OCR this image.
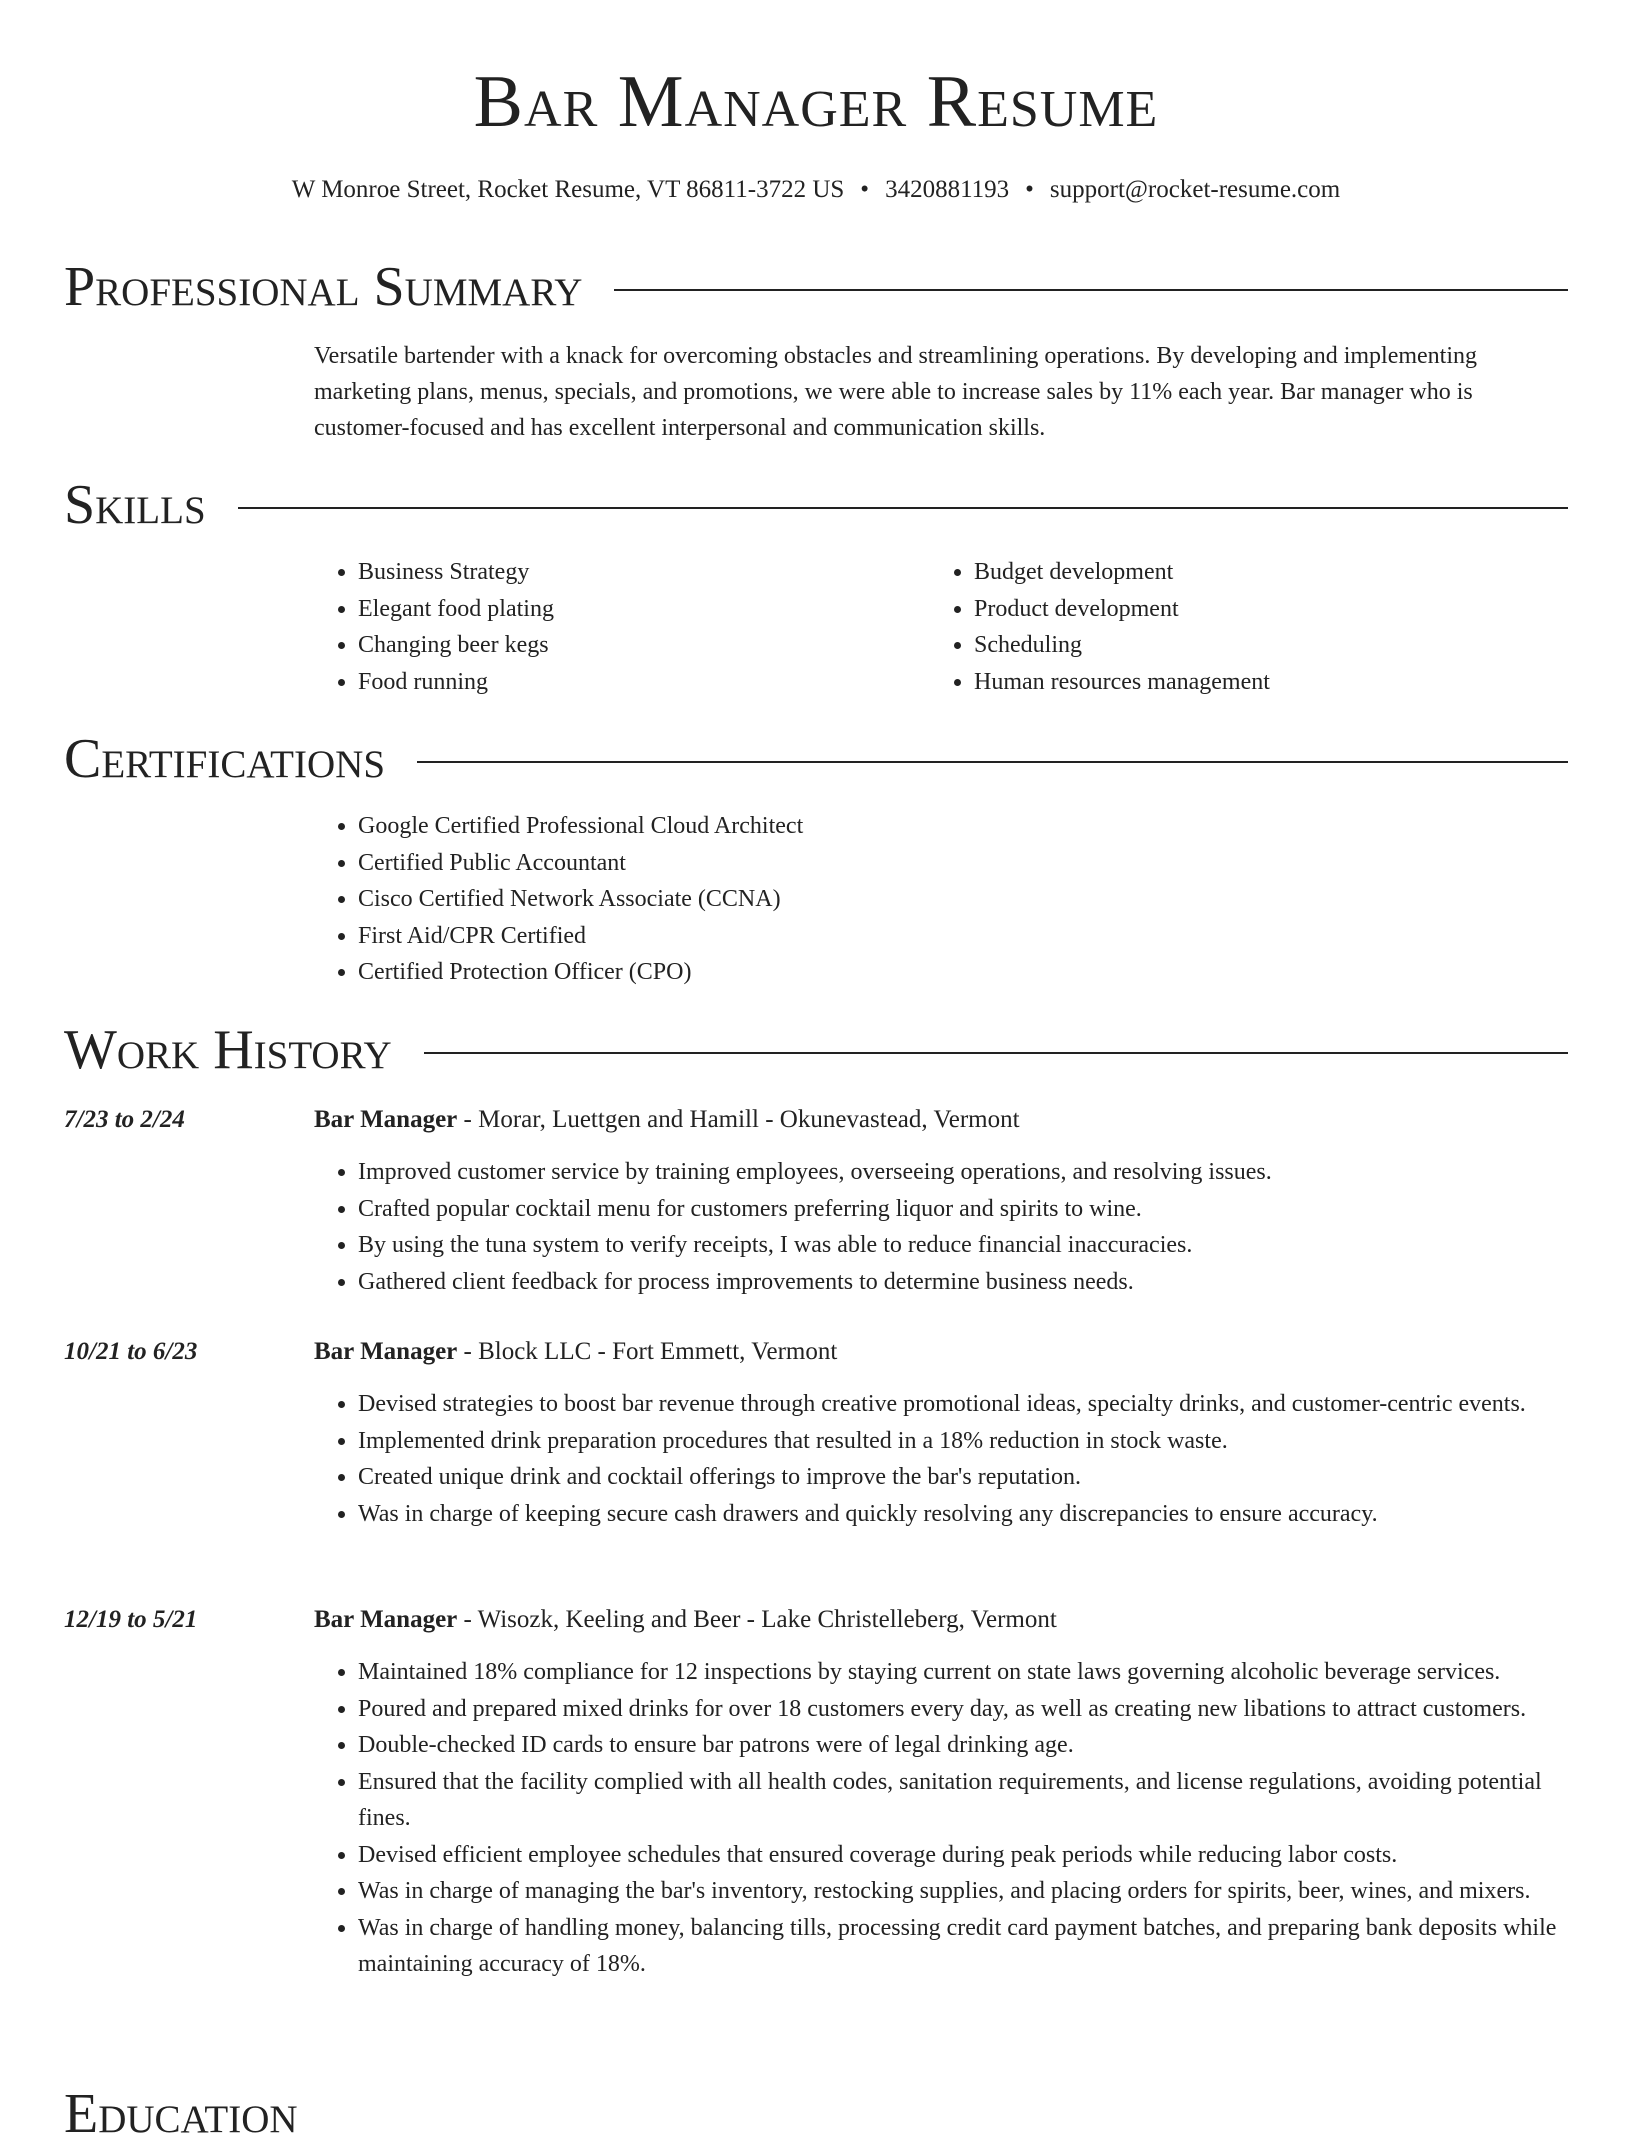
Bar Manager Resume
W Monroe Street, Rocket Resume, VT 86811-3722 US • 3420881193 • support@rocket-resume.com
Professional Summary

Versatile bartender with a knack for overcoming obstacles and streamlining operations. By developing and implementing marketing plans, menus, specials, and promotions, we were able to increase sales by 11% each year. Bar manager who is customer-focused and has excellent interpersonal and communication skills.

Skills
• Business Strategy
• Elegant food plating
• Changing beer kegs
• Food running
• Budget development
• Product development
• Scheduling
• Human resources management
Certifications
• Google Certified Professional Cloud Architect
• Certified Public Accountant
• Cisco Certified Network Associate (CCNA)
• First Aid/CPR Certified
• Certified Protection Officer (CPO)
Work History
7/23 to 2/24	Bar Manager - Morar, Luettgen and Hamill - Okunevastead, Vermont
• Improved customer service by training employees, overseeing operations, and resolving issues.
• Crafted popular cocktail menu for customers preferring liquor and spirits to wine.
• By using the tuna system to verify receipts, I was able to reduce financial inaccuracies.
• Gathered client feedback for process improvements to determine business needs.
10/21 to 6/23	Bar Manager - Block LLC - Fort Emmett, Vermont
• Devised strategies to boost bar revenue through creative promotional ideas, specialty drinks, and customer-centric events.
• Implemented drink preparation procedures that resulted in a 18% reduction in stock waste.
• Created unique drink and cocktail offerings to improve the bar's reputation.
• Was in charge of keeping secure cash drawers and quickly resolving any discrepancies to ensure accuracy.
12/19 to 5/21	Bar Manager - Wisozk, Keeling and Beer - Lake Christelleberg, Vermont
• Maintained 18% compliance for 12 inspections by staying current on state laws governing alcoholic beverage services.
• Poured and prepared mixed drinks for over 18 customers every day, as well as creating new libations to attract customers.
• Double-checked ID cards to ensure bar patrons were of legal drinking age.
• Ensured that the facility complied with all health codes, sanitation requirements, and license regulations, avoiding potential fines.
• Devised efficient employee schedules that ensured coverage during peak periods while reducing labor costs.
• Was in charge of managing the bar's inventory, restocking supplies, and placing orders for spirits, beer, wines, and mixers.
• Was in charge of handling money, balancing tills, processing credit card payment batches, and preparing bank deposits while maintaining accuracy of 18%.
Education
